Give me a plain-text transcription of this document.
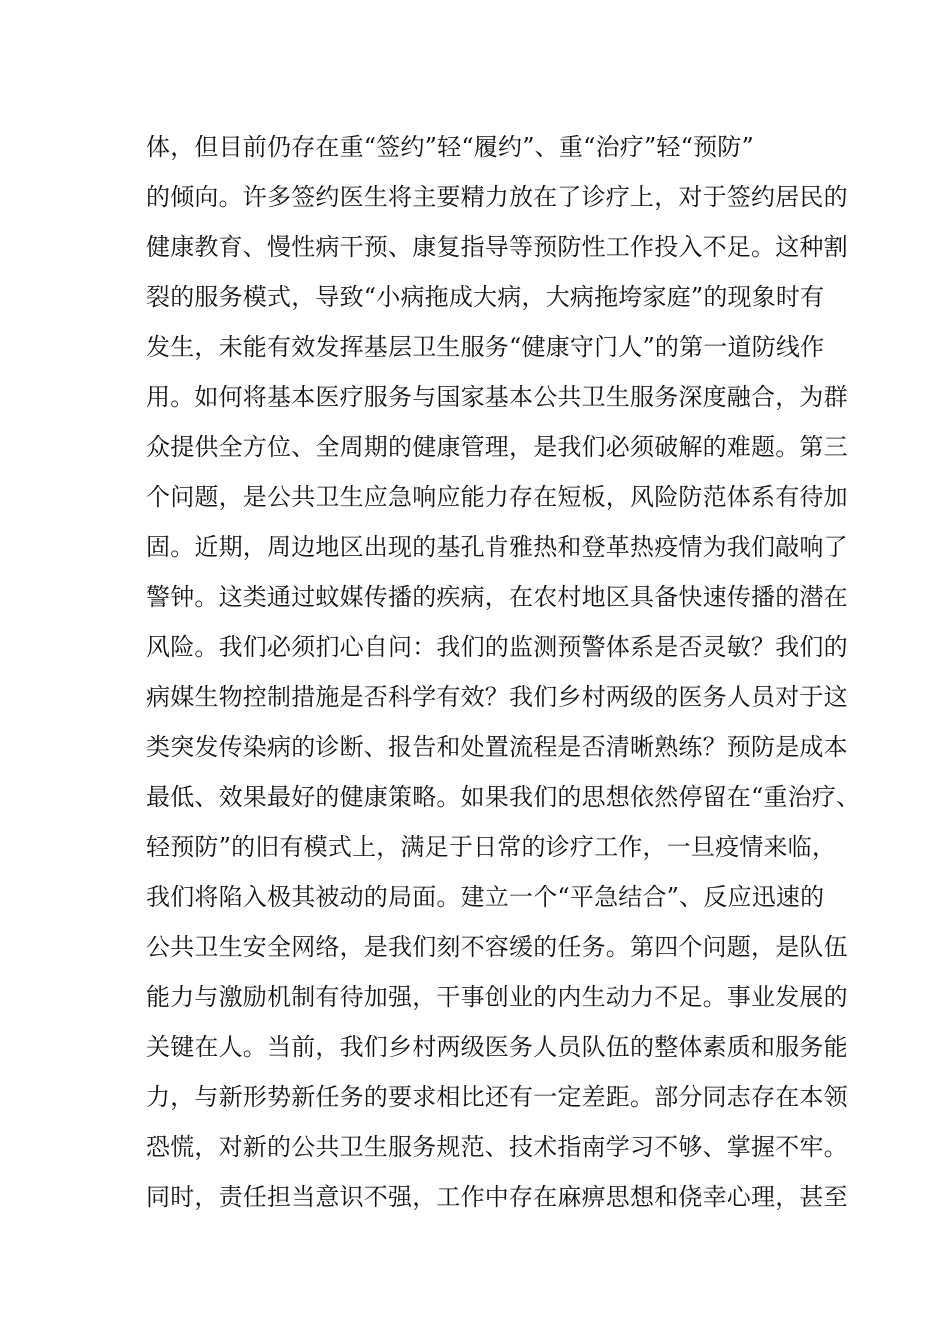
体，但目前仍存在重“签约”轻“履约”、重“治疗”轻“预防”
的倾向。许多签约医生将主要精力放在了诊疗上，对于签约居民的
健康教育、慢性病干预、康复指导等预防性工作投入不足。这种割
裂的服务模式，导致“小病拖成大病，大病拖垮家庭”的现象时有
发生，未能有效发挥基层卫生服务“健康守门人”的第一道防线作
用。如何将基本医疗服务与国家基本公共卫生服务深度融合，为群
众提供全方位、全周期的健康管理，是我们必须破解的难题。第三
个问题，是公共卫生应急响应能力存在短板，风险防范体系有待加
固。近期，周边地区出现的基孔肯雅热和登革热疫情为我们敲响了
警钟。这类通过蚊媒传播的疾病，在农村地区具备快速传播的潜在
风险。我们必须扪心自问：我们的监测预警体系是否灵敏？我们的
病媒生物控制措施是否科学有效？我们乡村两级的医务人员对于这
类突发传染病的诊断、报告和处置流程是否清晰熟练？预防是成本
最低、效果最好的健康策略。如果我们的思想依然停留在“重治疗、
轻预防”的旧有模式上，满足于日常的诊疗工作，一旦疫情来临，
我们将陷入极其被动的局面。建立一个“平急结合”、反应迅速的
公共卫生安全网络，是我们刻不容缓的任务。第四个问题，是队伍
能力与激励机制有待加强，干事创业的内生动力不足。事业发展的
关键在人。当前，我们乡村两级医务人员队伍的整体素质和服务能
力，与新形势新任务的要求相比还有一定差距。部分同志存在本领
恐慌，对新的公共卫生服务规范、技术指南学习不够、掌握不牢。
同时，责任担当意识不强，工作中存在麻痹思想和侥幸心理，甚至
